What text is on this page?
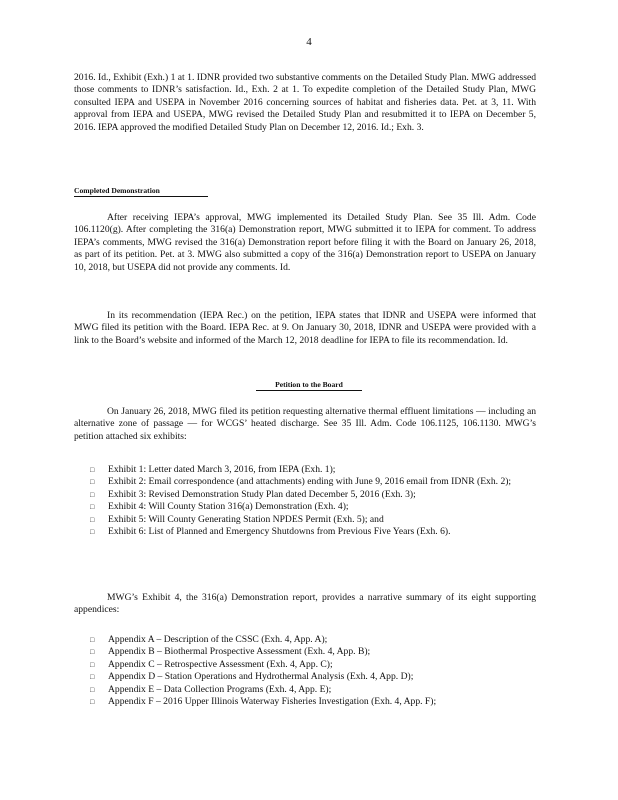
4

2016. Id., Exhibit (Exh.) 1 at 1. IDNR provided two substantive comments on the Detailed Study Plan. MWG addressed those comments to IDNR’s satisfaction. Id., Exh. 2 at 1. To expedite completion of the Detailed Study Plan, MWG consulted IEPA and USEPA in November 2016 concerning sources of habitat and fisheries data. Pet. at 3, 11. With approval from IEPA and USEPA, MWG revised the Detailed Study Plan and resubmitted it to IEPA on December 5, 2016. IEPA approved the modified Detailed Study Plan on December 12, 2016. Id.; Exh. 3.

Completed Demonstration

After receiving IEPA’s approval, MWG implemented its Detailed Study Plan. See 35 Ill. Adm. Code 106.1120(g). After completing the 316(a) Demonstration report, MWG submitted it to IEPA for comment. To address IEPA’s comments, MWG revised the 316(a) Demonstration report before filing it with the Board on January 26, 2018, as part of its petition. Pet. at 3. MWG also submitted a copy of the 316(a) Demonstration report to USEPA on January 10, 2018, but USEPA did not provide any comments. Id.

In its recommendation (IEPA Rec.) on the petition, IEPA states that IDNR and USEPA were informed that MWG filed its petition with the Board. IEPA Rec. at 9. On January 30, 2018, IDNR and USEPA were provided with a link to the Board’s website and informed of the March 12, 2018 deadline for IEPA to file its recommendation. Id.

Petition to the Board

On January 26, 2018, MWG filed its petition requesting alternative thermal effluent limitations — including an alternative zone of passage — for WCGS’ heated discharge. See 35 Ill. Adm. Code 106.1125, 106.1130. MWG’s petition attached six exhibits:

□ Exhibit 1: Letter dated March 3, 2016, from IEPA (Exh. 1);
□ Exhibit 2: Email correspondence (and attachments) ending with June 9, 2016 email from IDNR (Exh. 2);
□ Exhibit 3: Revised Demonstration Study Plan dated December 5, 2016 (Exh. 3);
□ Exhibit 4: Will County Station 316(a) Demonstration (Exh. 4);
□ Exhibit 5: Will County Generating Station NPDES Permit (Exh. 5); and
□ Exhibit 6: List of Planned and Emergency Shutdowns from Previous Five Years (Exh. 6).

MWG’s Exhibit 4, the 316(a) Demonstration report, provides a narrative summary of its eight supporting appendices:

□ Appendix A – Description of the CSSC (Exh. 4, App. A);
□ Appendix B – Biothermal Prospective Assessment (Exh. 4, App. B);
□ Appendix C – Retrospective Assessment (Exh. 4, App. C);
□ Appendix D – Station Operations and Hydrothermal Analysis (Exh. 4, App. D);
□ Appendix E – Data Collection Programs (Exh. 4, App. E);
□ Appendix F – 2016 Upper Illinois Waterway Fisheries Investigation (Exh. 4, App. F);
